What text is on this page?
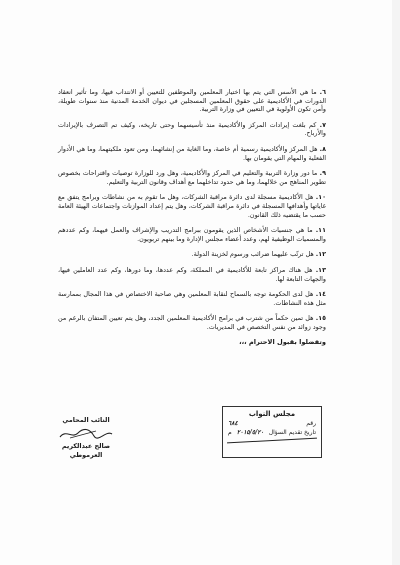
٦. ما هي الأسس التي يتم بها اختيار المعلمين والموظفين للتعيين أو الانتداب فيها، وما تأثير انعقاد الدورات في الأكاديمية على حقوق المعلمين المسجلين في ديوان الخدمة المدنية منذ سنوات طويلة، وأمن تكون الأولوية في التعيين في وزارة التربية.
٧. كم بلغت إيرادات المركز والأكاديمية منذ تأسيسهما وحتى تاريخه، وكيف تم التصرف بالإيرادات والأرباح.
٨. هل المركز والأكاديمية رسمية أم خاصة، وما الغاية من إنشائهما، ومن تعود ملكيتهما، وما هي الأدوار الفعلية والمهام التي يقومان بها.
٩. ما دور وزارة التربية والتعليم في المركز والأكاديمية، وهل ورد للوزارة توصيات واقتراحات بخصوص تطوير المناهج من خلالهما، وما هي حدود تداخلهما مع أهداف وقانون التربية والتعليم.
١٠. هل الأكاديمية مسجلة لدى دائرة مراقبة الشركات، وهل ما تقوم به من نشاطات وبرامج يتفق مع غاياتها وأهدافها المسجلة في دائرة مراقبة الشركات، وهل يتم إعداد الموازنات واجتماعات الهيئة العامة حسب ما يقتضيه ذلك القانون.
١١. ما هي جنسيات الأشخاص الذين يقومون ببرامج التدريب والإشراف والعمل فيهما، وكم عددهم والمسميات الوظيفية لهم، وعدد أعضاء مجلس الإدارة وما بينهم تربويون.
١٢. هل ترتّب عليهما ضرائب ورسوم لخزينة الدولة.
١٣. هل هناك مراكز تابعة للأكاديمية في المملكة، وكم عددها، وما دورها، وكم عدد العاملين فيها، والجهات التابعة لها.
١٤. هل لدى الحكومة توجه بالسماح لنقابة المعلمين وهي صاحبة الاختصاص في هذا المجال بممارسة مثل هذه النشاطات.
١٥. هل تمين حكماً من شترب في برامج الأكاديمية المعلمين الجدد، وهل يتم تعيين المتفان بالرغم من وجود زوائد من نفس التخصص في المديريات.
وتفضلوا بقبول الاحترام ،،،
النائب المحامي
صالح عبدالكريم العرموطي
مجلس النواب
رقم
٦٨٤
تاريخ تقديم السؤال
٢٠١٥/٥/٢٠
م
